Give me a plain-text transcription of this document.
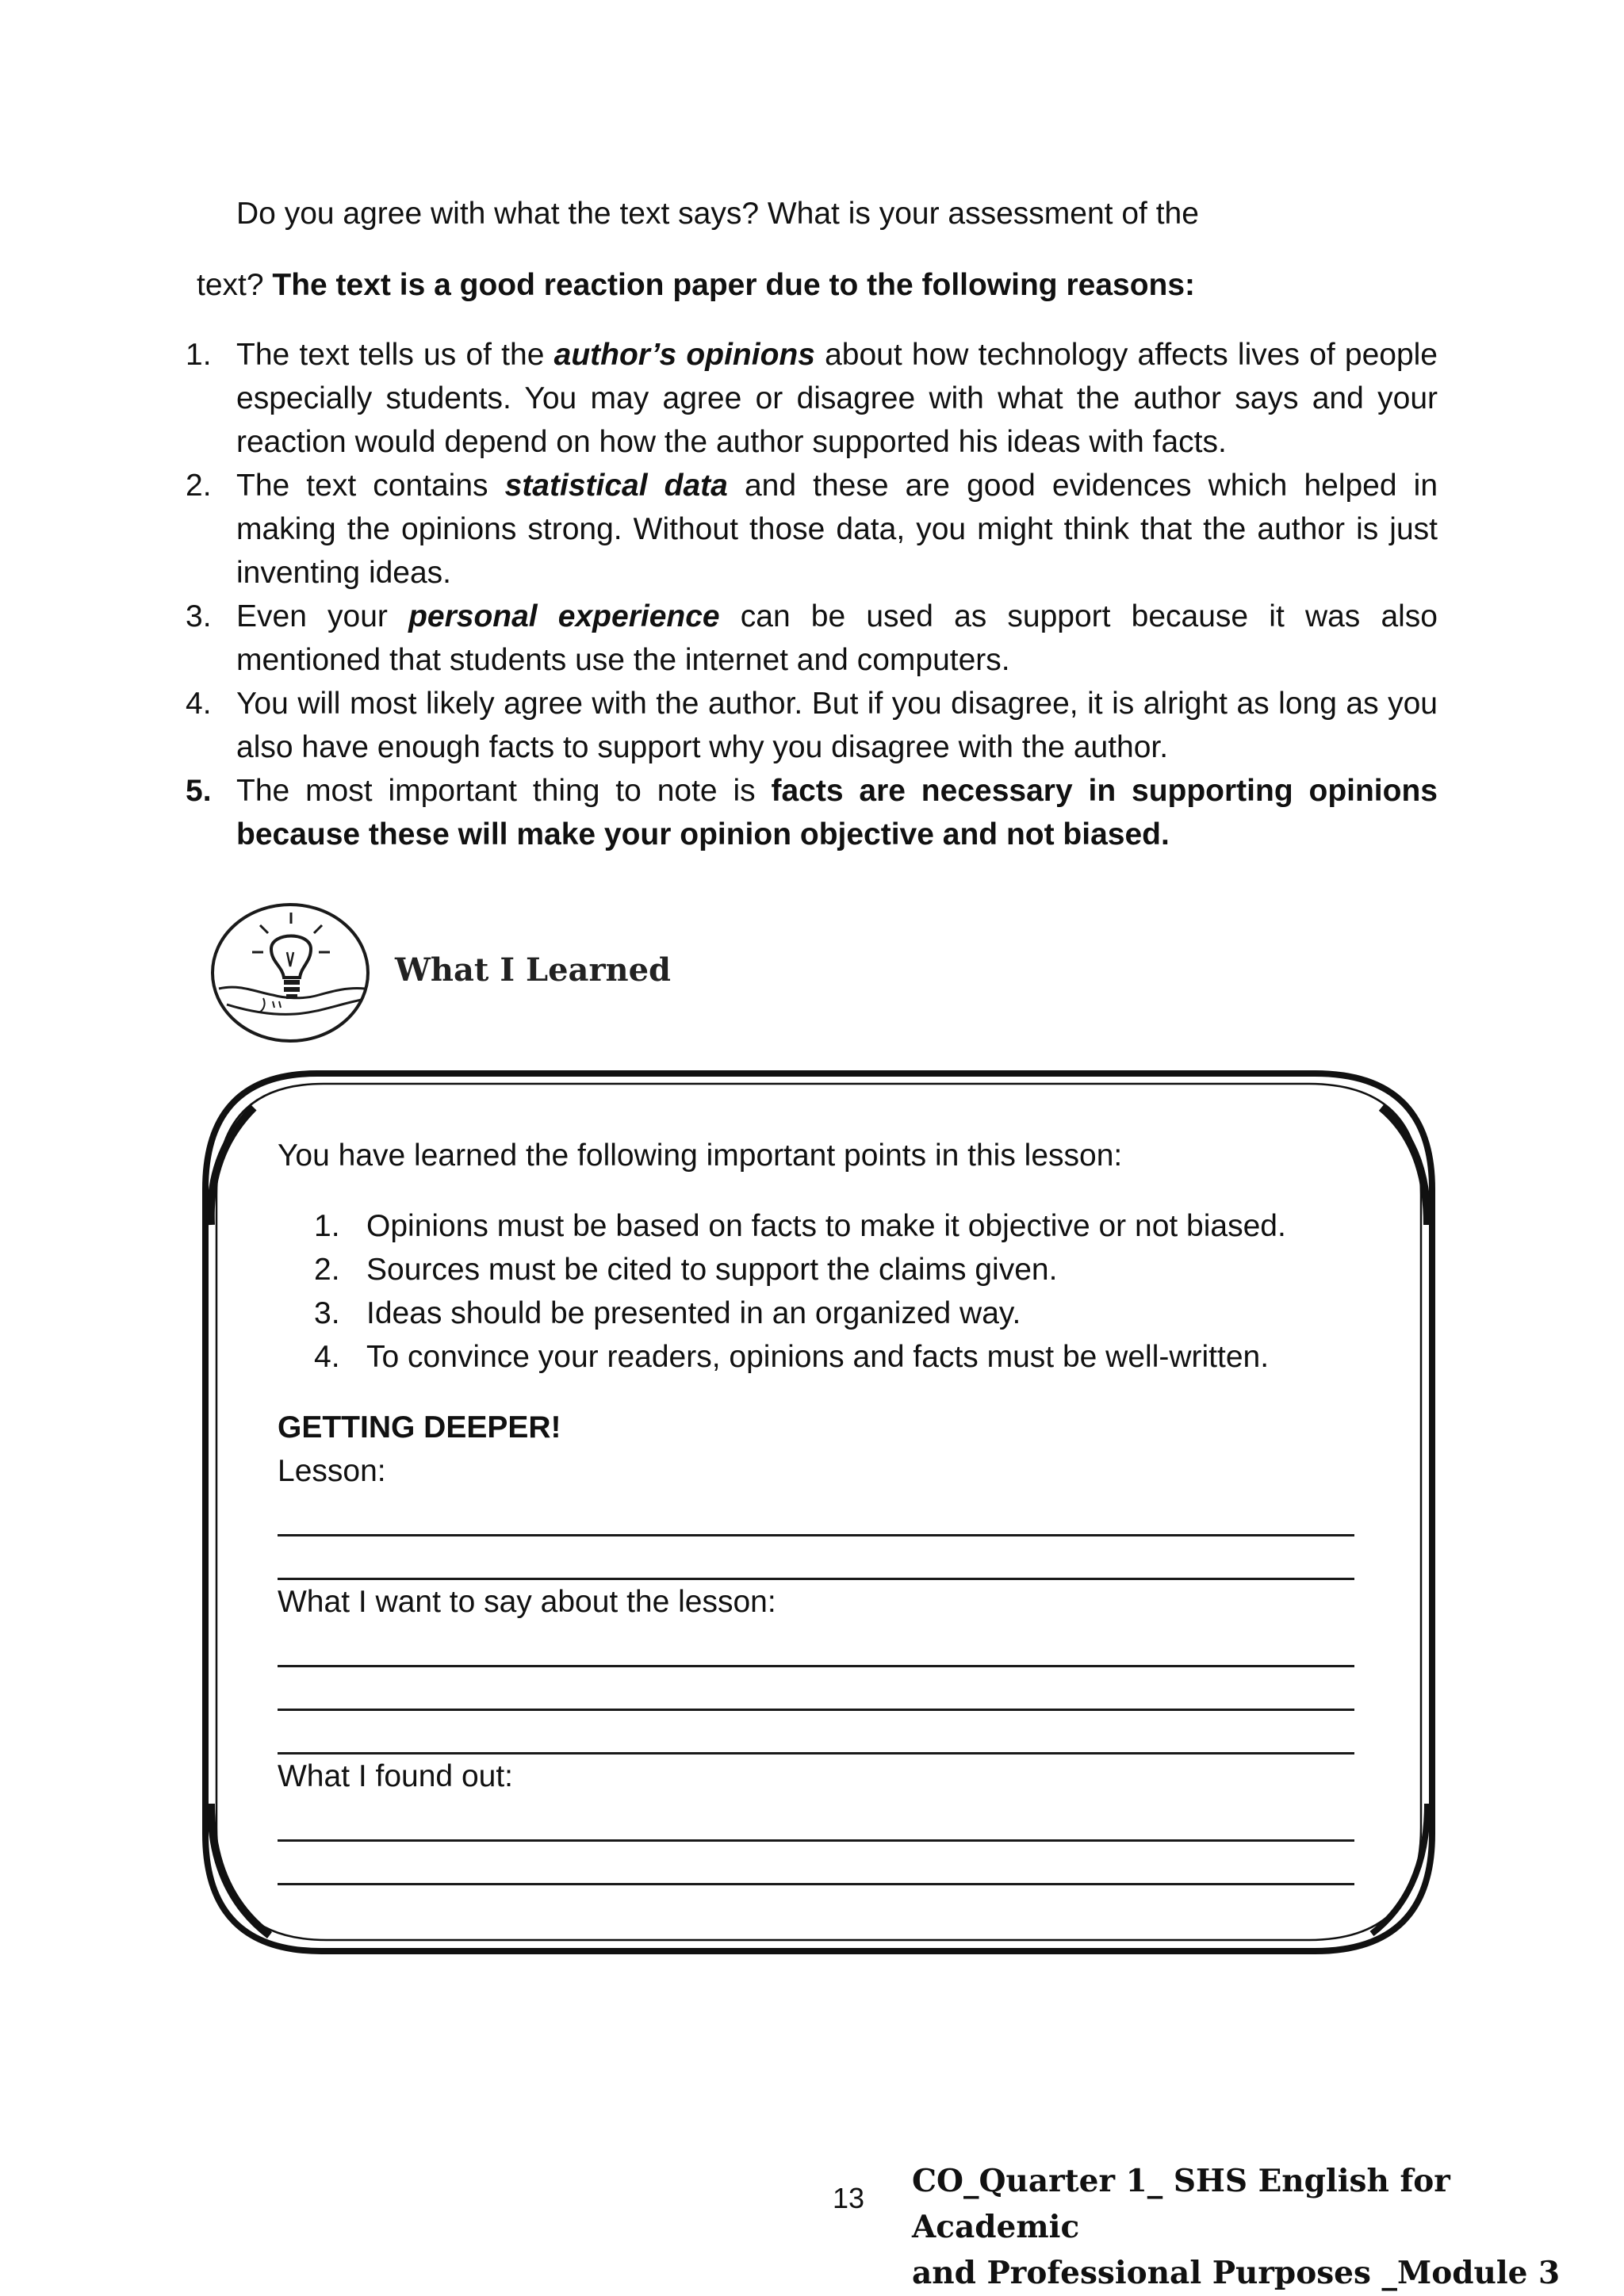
Do you agree with what the text says? What is your assessment of the
text? The text is a good reaction paper due to the following reasons:
1. The text tells us of the author’s opinions about how technology affects lives of people especially students. You may agree or disagree with what the author says and your reaction would depend on how the author supported his ideas with facts.
2. The text contains statistical data and these are good evidences which helped in making the opinions strong. Without those data, you might think that the author is just inventing ideas.
3. Even your personal experience can be used as support because it was also mentioned that students use the internet and computers.
4. You will most likely agree with the author. But if you disagree, it is alright as long as you also have enough facts to support why you disagree with the author.
5. The most important thing to note is facts are necessary in supporting opinions because these will make your opinion objective and not biased.
What I Learned
You have learned the following important points in this lesson:
1. Opinions must be based on facts to make it objective or not biased.
2. Sources must be cited to support the claims given.
3. Ideas should be presented in an organized way.
4. To convince your readers, opinions and facts must be well-written.
GETTING DEEPER!
Lesson:
What I want to say about the lesson:
What I found out:
13 CO_Quarter 1_ SHS English for Academic
and Professional Purposes _Module 3
